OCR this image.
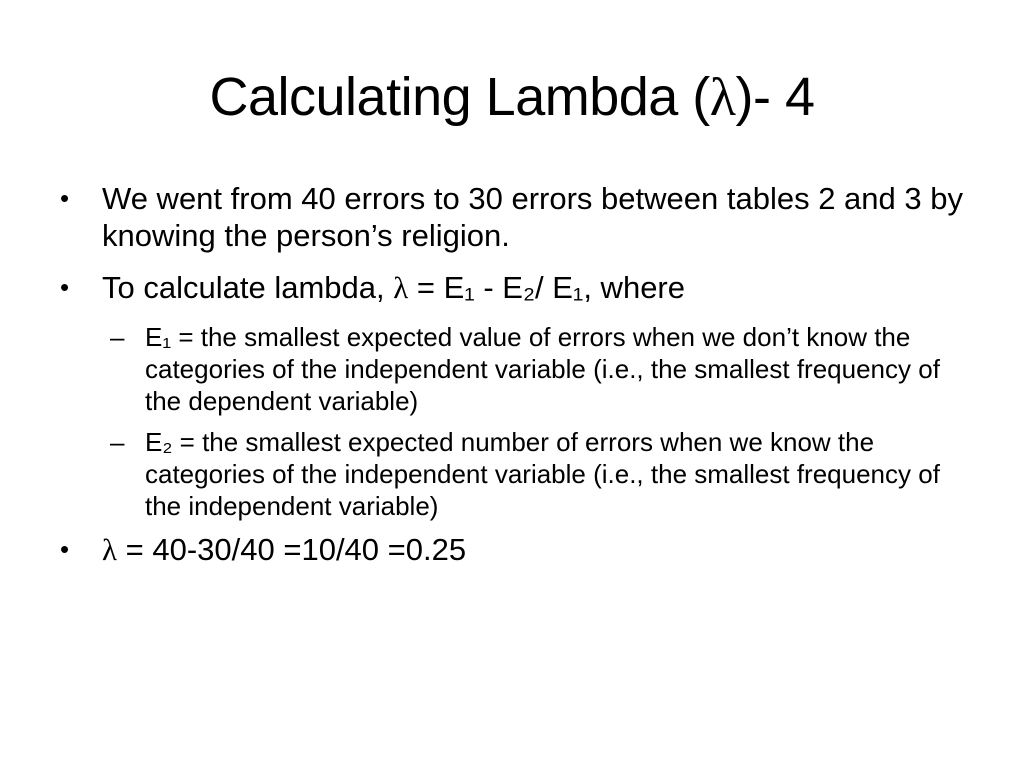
Calculating Lambda (λ)- 4
• We went from 40 errors to 30 errors between tables 2 and 3 by knowing the person’s religion.
• To calculate lambda, λ = E₁ - E₂/ E₁, where
– E₁ = the smallest expected value of errors when we don’t know the categories of the independent variable (i.e., the smallest frequency of the dependent variable)
– E₂ = the smallest expected number of errors when we know the categories of the independent variable (i.e., the smallest frequency of the independent variable)
• λ = 40-30/40 =10/40 =0.25
